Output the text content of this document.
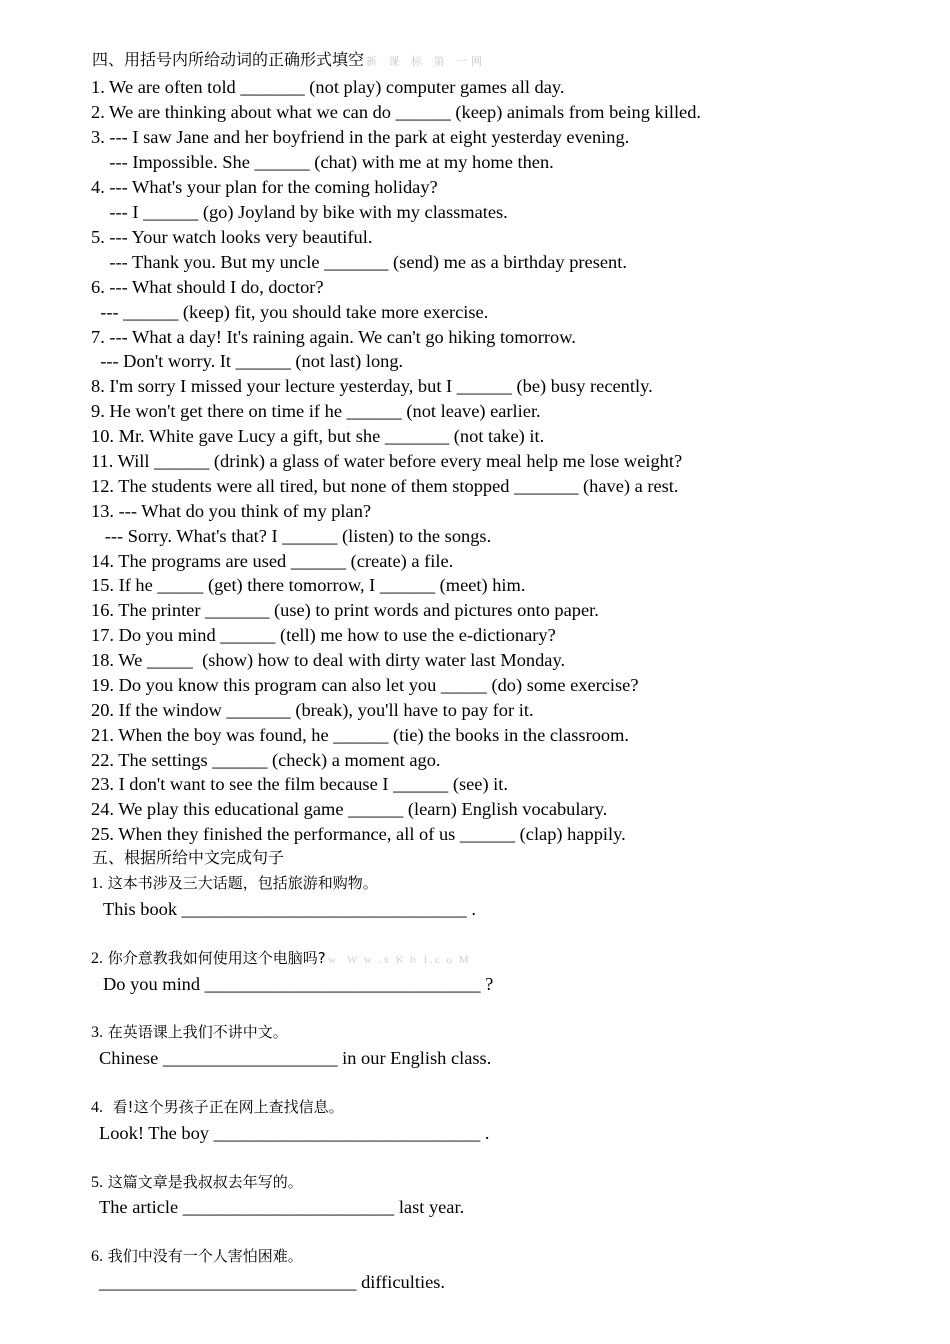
四、用括号内所给动词的正确形式填空 新 课 标 第 一网
1. We are often told _______ (not play) computer games all day.
2. We are thinking about what we can do ______ (keep) animals from being killed.
3. --- I saw Jane and her boyfriend in the park at eight yesterday evening.
--- Impossible. She ______ (chat) with me at my home then.
4. --- What's your plan for the coming holiday?
--- I ______ (go) Joyland by bike with my classmates.
5. --- Your watch looks very beautiful.
--- Thank you. But my uncle _______ (send) me as a birthday present.
6. --- What should I do, doctor?
--- ______ (keep) fit, you should take more exercise.
7. --- What a day! It's raining again. We can't go hiking tomorrow.
--- Don't worry. It ______ (not last) long.
8. I'm sorry I missed your lecture yesterday, but I ______ (be) busy recently.
9. He won't get there on time if he ______ (not leave) earlier.
10. Mr. White gave Lucy a gift, but she _______ (not take) it.
11. Will ______ (drink) a glass of water before every meal help me lose weight?
12. The students were all tired, but none of them stopped _______ (have) a rest.
13. --- What do you think of my plan?
--- Sorry. What's that? I ______ (listen) to the songs.
14. The programs are used ______ (create) a file.
15. If he _____ (get) there tomorrow, I ______ (meet) him.
16. The printer _______ (use) to print words and pictures onto paper.
17. Do you mind ______ (tell) me how to use the e-dictionary?
18. We _____  (show) how to deal with dirty water last Monday.
19. Do you know this program can also let you _____ (do) some exercise?
20. If the window _______ (break), you'll have to pay for it.
21. When the boy was found, he ______ (tie) the books in the classroom.
22. The settings ______ (check) a moment ago.
23. I don't want to see the film because I ______ (see) it.
24. We play this educational game ______ (learn) English vocabulary.
25. When they finished the performance, all of us ______ (clap) happily.
五、根据所给中文完成句子
1. 这本书涉及三大话题，包括旅游和购物。
This book _______________________________ .
2. 你介意教我如何使用这个电脑吗? w  W w .x K b 1.c o M
Do you mind ______________________________ ?
3. 在英语课上我们不讲中文。
Chinese ___________________ in our English class.
4.  看!这个男孩子正在网上查找信息。
Look! The boy _____________________________ .
5. 这篇文章是我叔叔去年写的。
The article _______________________ last year.
6. 我们中没有一个人害怕困难。
____________________________ difficulties.
